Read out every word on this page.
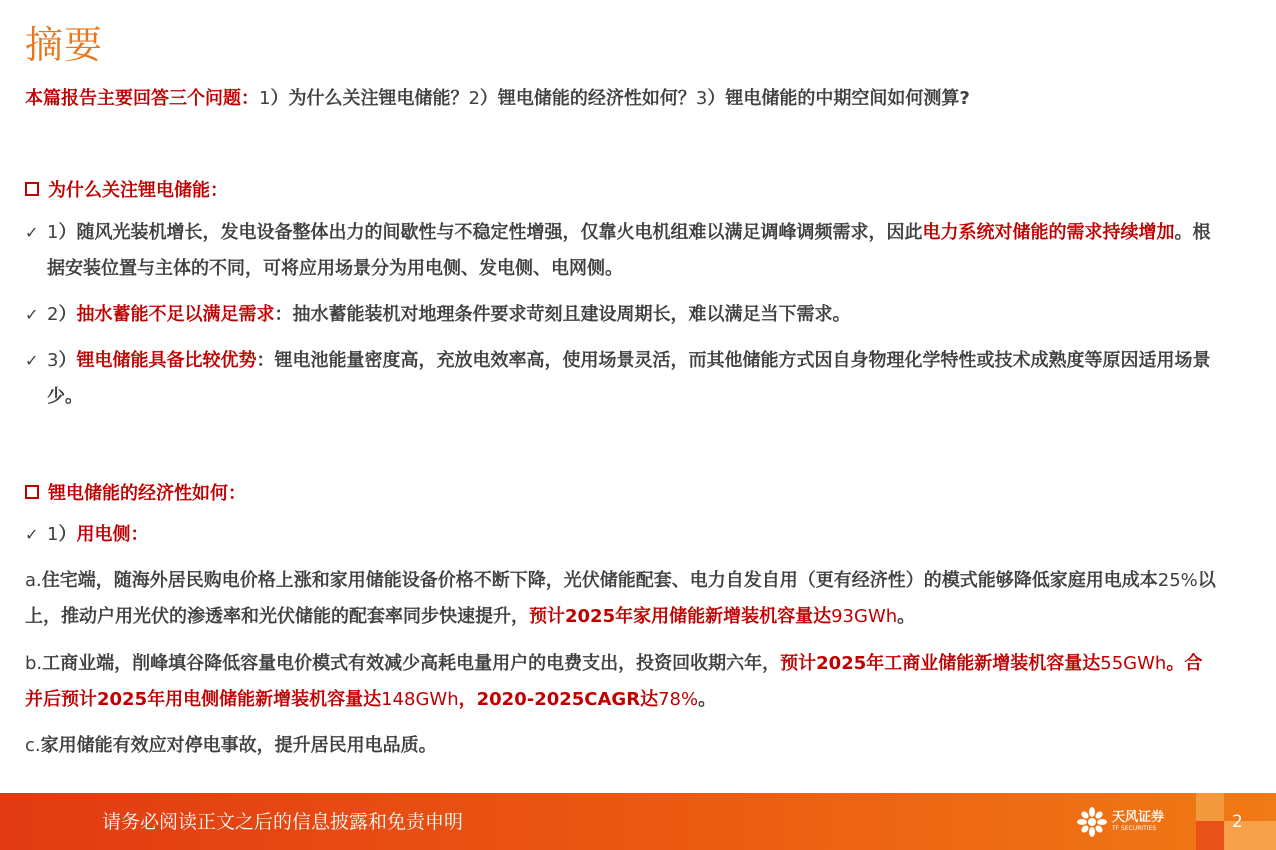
摘要
本篇报告主要回答三个问题：1）为什么关注锂电储能？2）锂电储能的经济性如何？3）锂电储能的中期空间如何测算?
为什么关注锂电储能：
✓ 1）随风光装机增长，发电设备整体出力的间歇性与不稳定性增强，仅靠火电机组难以满足调峰调频需求，因此电力系统对储能的需求持续增加。根据安装位置与主体的不同，可将应用场景分为用电侧、发电侧、电网侧。
✓ 2）抽水蓄能不足以满足需求：抽水蓄能装机对地理条件要求苛刻且建设周期长，难以满足当下需求。
✓ 3）锂电储能具备比较优势：锂电池能量密度高，充放电效率高，使用场景灵活，而其他储能方式因自身物理化学特性或技术成熟度等原因适用场景少。
锂电储能的经济性如何：
✓ 1）用电侧：
a.住宅端，随海外居民购电价格上涨和家用储能设备价格不断下降，光伏储能配套、电力自发自用（更有经济性）的模式能够降低家庭用电成本25%以上，推动户用光伏的渗透率和光伏储能的配套率同步快速提升，预计2025年家用储能新增装机容量达93GWh。
b.工商业端，削峰填谷降低容量电价模式有效减少高耗电量用户的电费支出，投资回收期六年，预计2025年工商业储能新增装机容量达55GWh。合并后预计2025年用电侧储能新增装机容量达148GWh，2020-2025CAGR达78%。
c.家用储能有效应对停电事故，提升居民用电品质。
请务必阅读正文之后的信息披露和免责申明	天风证券
TF SECURITIES	2
